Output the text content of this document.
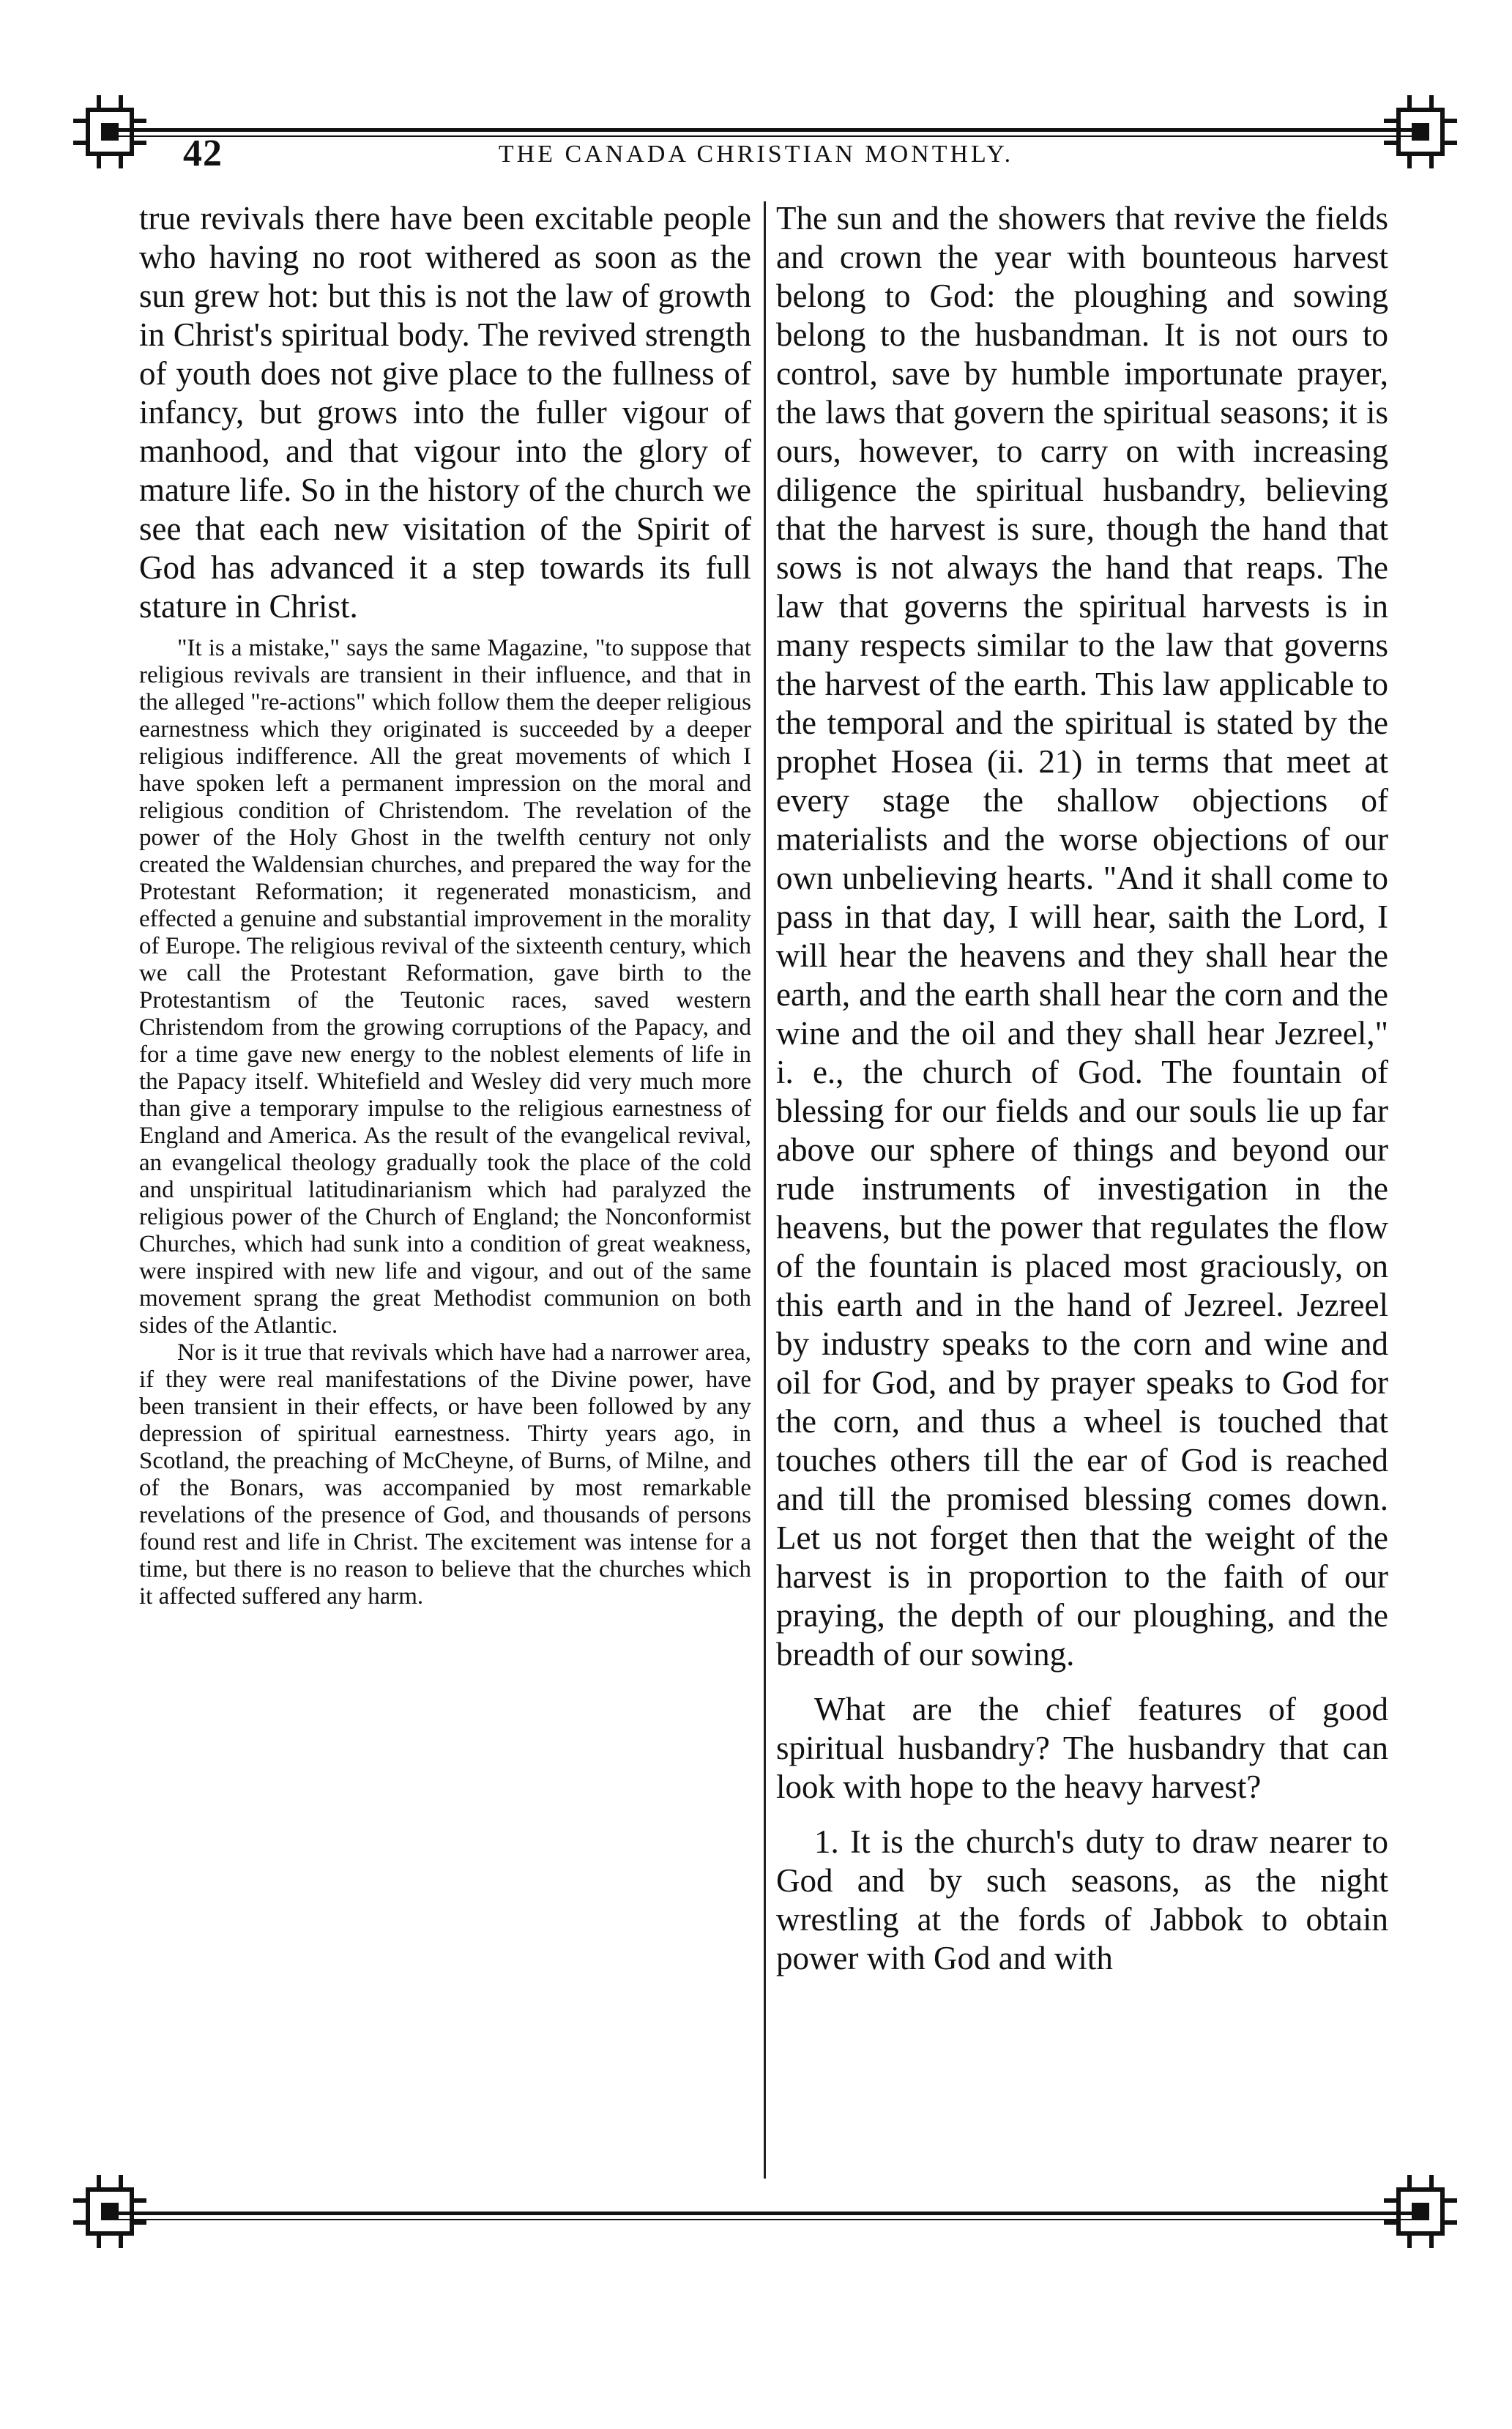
42	THE CANADA CHRISTIAN MONTHLY.

true revivals there have been excitable people who having no root withered as soon as the sun grew hot: but this is not the law of growth in Christ's spiritual body. The revived strength of youth does not give place to the fullness of infancy, but grows into the fuller vigour of manhood, and that vigour into the glory of mature life. So in the history of the church we see that each new visitation of the Spirit of God has advanced it a step towards its full stature in Christ.

"It is a mistake," says the same Magazine, "to suppose that religious revivals are transient in their influence, and that in the alleged "re-actions" which follow them the deeper religious earnestness which they originated is succeeded by a deeper religious indifference. All the great movements of which I have spoken left a permanent impression on the moral and religious condition of Christendom. The revelation of the power of the Holy Ghost in the twelfth century not only created the Waldensian churches, and prepared the way for the Protestant Reformation; it regenerated monasticism, and effected a genuine and substantial improvement in the morality of Europe. The religious revival of the sixteenth century, which we call the Protestant Reformation, gave birth to the Protestantism of the Teutonic races, saved western Christendom from the growing corruptions of the Papacy, and for a time gave new energy to the noblest elements of life in the Papacy itself. Whitefield and Wesley did very much more than give a temporary impulse to the religious earnestness of England and America. As the result of the evangelical revival, an evangelical theology gradually took the place of the cold and unspiritual latitudinarianism which had paralyzed the religious power of the Church of England; the Nonconformist Churches, which had sunk into a condition of great weakness, were inspired with new life and vigour, and out of the same movement sprang the great Methodist communion on both sides of the Atlantic.

Nor is it true that revivals which have had a narrower area, if they were real manifestations of the Divine power, have been transient in their effects, or have been followed by any depression of spiritual earnestness. Thirty years ago, in Scotland, the preaching of McCheyne, of Burns, of Milne, and of the Bonars, was accompanied by most remarkable revelations of the presence of God, and thousands of persons found rest and life in Christ. The excitement was intense for a time, but there is no reason to believe that the churches which it affected suffered any harm.

The sun and the showers that revive the fields and crown the year with bounteous harvest belong to God: the ploughing and sowing belong to the husbandman. It is not ours to control, save by humble importunate prayer, the laws that govern the spiritual seasons; it is ours, however, to carry on with increasing diligence the spiritual husbandry, believing that the harvest is sure, though the hand that sows is not always the hand that reaps. The law that governs the spiritual harvests is in many respects similar to the law that governs the harvest of the earth. This law applicable to the temporal and the spiritual is stated by the prophet Hosea (ii. 21) in terms that meet at every stage the shallow objections of materialists and the worse objections of our own unbelieving hearts. "And it shall come to pass in that day, I will hear, saith the Lord, I will hear the heavens and they shall hear the earth, and the earth shall hear the corn and the wine and the oil and they shall hear Jezreel," i. e., the church of God. The fountain of blessing for our fields and our souls lie up far above our sphere of things and beyond our rude instruments of investigation in the heavens, but the power that regulates the flow of the fountain is placed most graciously, on this earth and in the hand of Jezreel. Jezreel by industry speaks to the corn and wine and oil for God, and by prayer speaks to God for the corn, and thus a wheel is touched that touches others till the ear of God is reached and till the promised blessing comes down. Let us not forget then that the weight of the harvest is in proportion to the faith of our praying, the depth of our ploughing, and the breadth of our sowing.

What are the chief features of good spiritual husbandry? The husbandry that can look with hope to the heavy harvest?

1. It is the church's duty to draw nearer to God and by such seasons, as the night wrestling at the fords of Jabbok to obtain power with God and with
